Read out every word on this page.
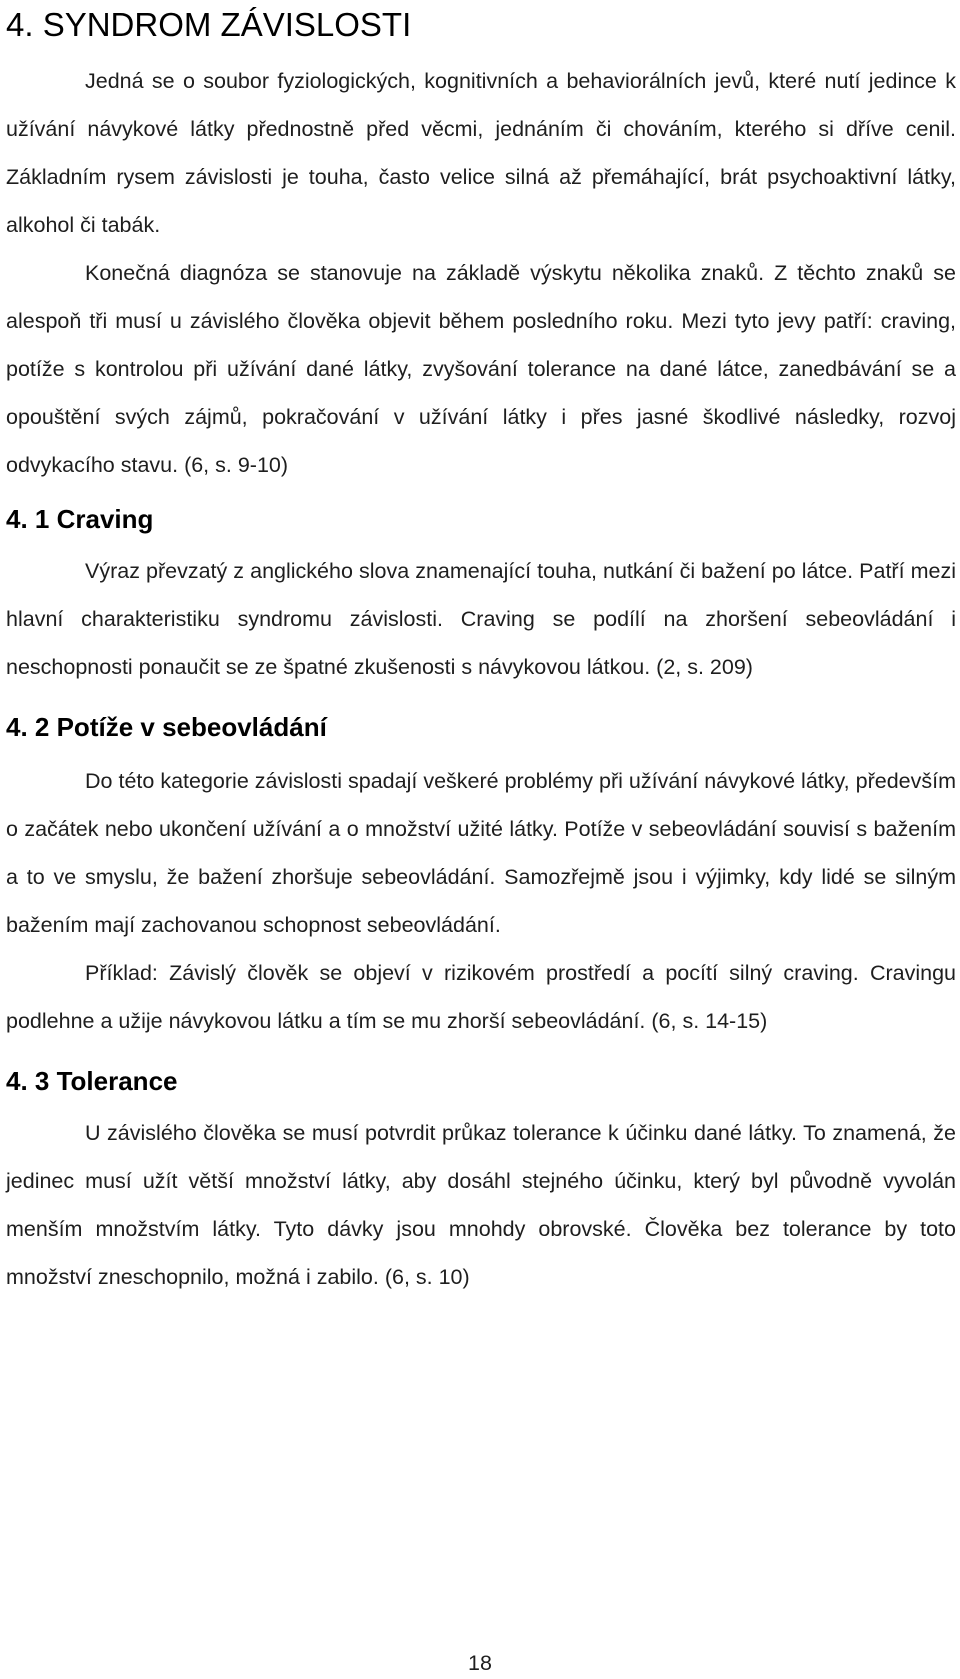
4. SYNDROM ZÁVISLOSTI

Jedná se o soubor fyziologických, kognitivních a behaviorálních jevů, které nutí jedince k užívání návykové látky přednostně před věcmi, jednáním či chováním, kterého si dříve cenil. Základním rysem závislosti je touha, často velice silná až přemáhající, brát psychoaktivní látky, alkohol či tabák.

Konečná diagnóza se stanovuje na základě výskytu několika znaků. Z těchto znaků se alespoň tři musí u závislého člověka objevit během posledního roku. Mezi tyto jevy patří: craving, potíže s kontrolou při užívání dané látky, zvyšování tolerance na dané látce, zanedbávání se a opouštění svých zájmů, pokračování v užívání látky i přes jasné škodlivé následky, rozvoj odvykacího stavu. (6, s. 9-10)

4. 1 Craving

Výraz převzatý z anglického slova znamenající touha, nutkání či bažení po látce. Patří mezi hlavní charakteristiku syndromu závislosti. Craving se podílí na zhoršení sebeovládání i neschopnosti ponaučit se ze špatné zkušenosti s návykovou látkou. (2, s. 209)

4. 2 Potíže v sebeovládání

Do této kategorie závislosti spadají veškeré problémy při užívání návykové látky, především o začátek nebo ukončení užívání a o množství užité látky. Potíže v sebeovládání souvisí s bažením a to ve smyslu, že bažení zhoršuje sebeovládání. Samozřejmě jsou i výjimky, kdy lidé se silným bažením mají zachovanou schopnost sebeovládání.

Příklad: Závislý člověk se objeví v rizikovém prostředí a pocítí silný craving. Cravingu podlehne a užije návykovou látku a tím se mu zhorší sebeovládání. (6, s. 14-15)

4. 3 Tolerance

U závislého člověka se musí potvrdit průkaz tolerance k účinku dané látky. To znamená, že jedinec musí užít větší množství látky, aby dosáhl stejného účinku, který byl původně vyvolán menším množstvím látky. Tyto dávky jsou mnohdy obrovské. Člověka bez tolerance by toto množství zneschopnilo, možná i zabilo. (6, s. 10)

18
